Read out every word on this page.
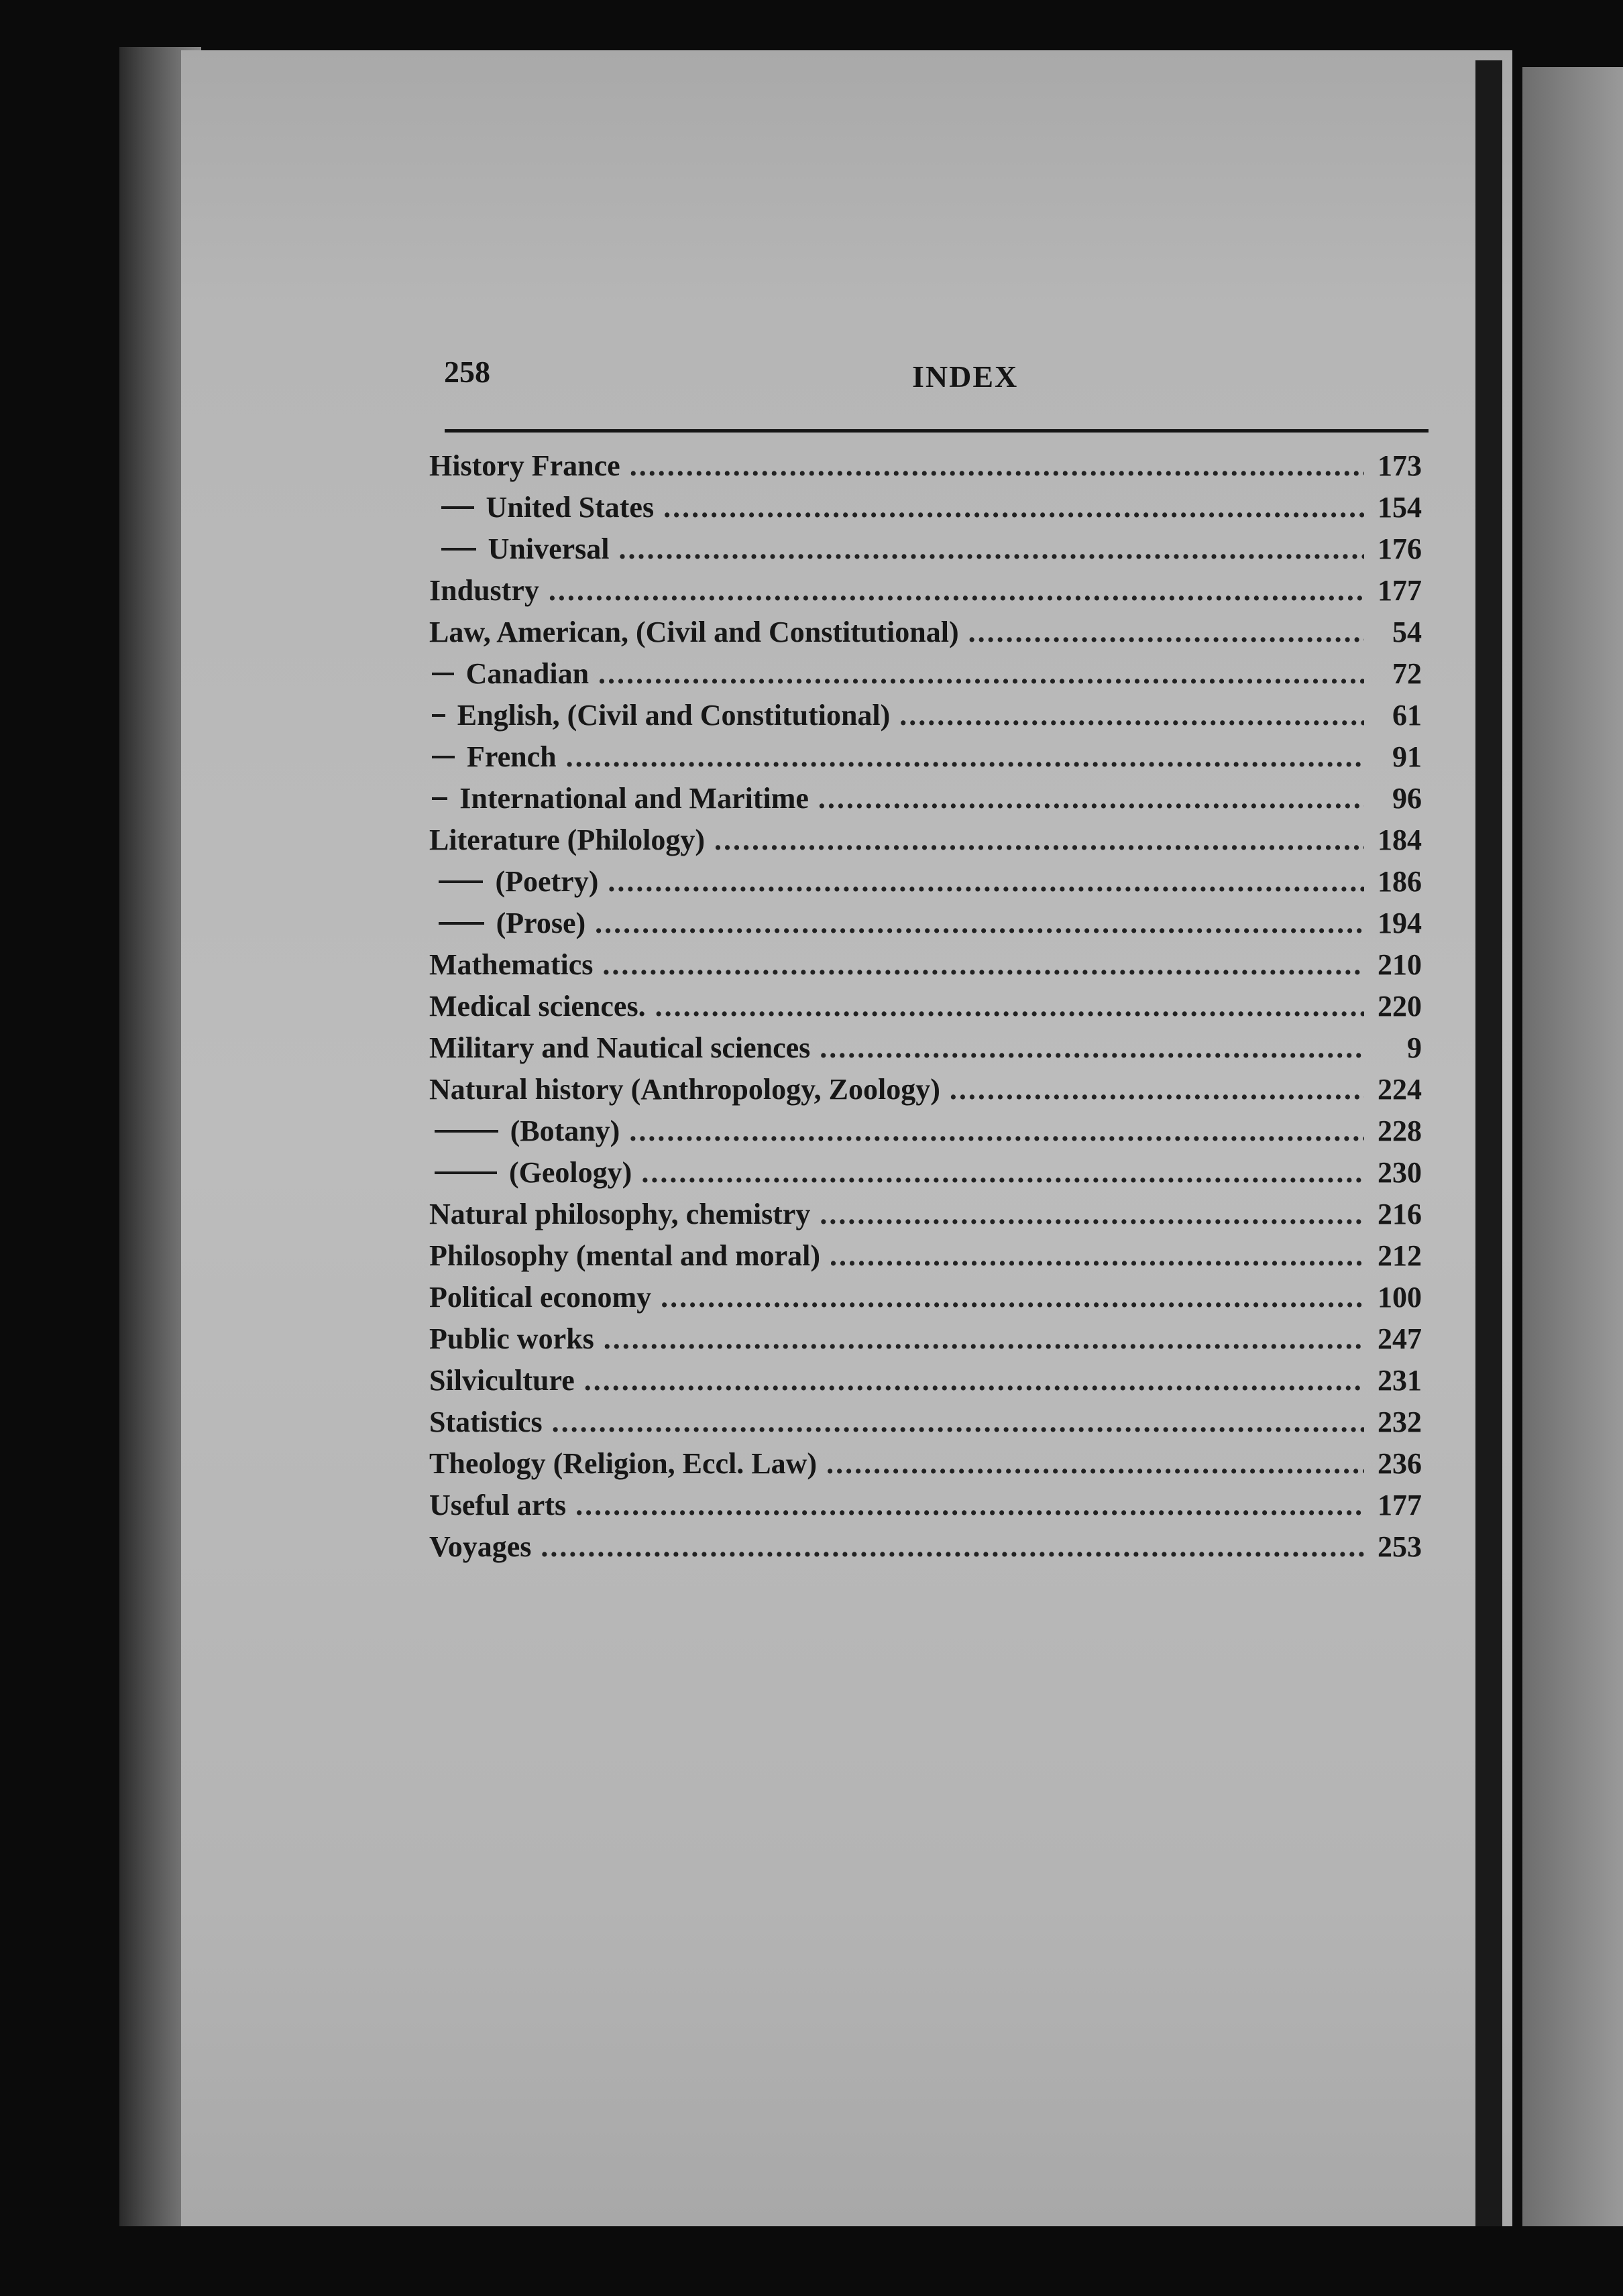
258	INDEX
History France .....	173
United States .....	154
Universal .....	176
Industry .....	177
Law, American, (Civil and Constitutional) .....	54
Canadian .....	72
English, (Civil and Constitutional) .....	61
French .....	91
International and Maritime .....	96
Literature (Philology) .....	184
(Poetry) .....	186
(Prose) .....	194
Mathematics .....	210
Medical sciences. .....	220
Military and Nautical sciences .....	9
Natural history (Anthropology, Zoology) .....	224
(Botany) .....	228
(Geology) .....	230
Natural philosophy, chemistry .....	216
Philosophy (mental and moral) .....	212
Political economy .....	100
Public works .....	247
Silviculture .....	231
Statistics .....	232
Theology (Religion, Eccl. Law) .....	236
Useful arts .....	177
Voyages .....	253
